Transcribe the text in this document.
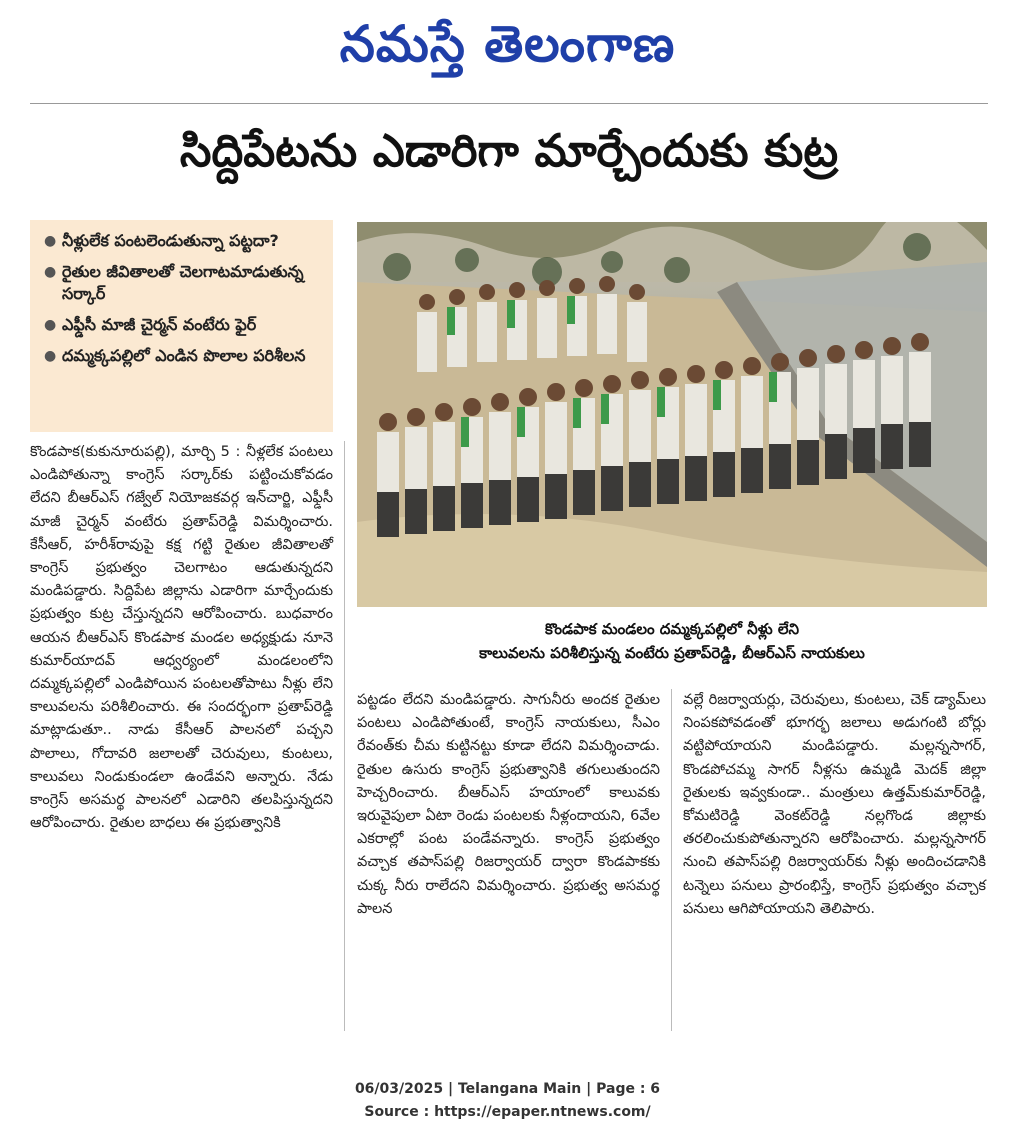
నమస్తే తెలంగాణ
సిద్దిపేటను ఎడారిగా మార్చేందుకు కుట్ర
● నీళ్లులేక పంటలెండుతున్నా పట్టదా?
● రైతుల జీవితాలతో చెలగాటమాడుతున్న సర్కార్
● ఎఫ్డీసీ మాజీ చైర్మన్ వంటేరు ఫైర్
● దమ్మక్కపల్లిలో ఎండిన పొలాల పరిశీలన
కొండపాక మండలం దమ్మక్కపల్లిలో నీళ్లు లేని
కాలువలను పరిశీలిస్తున్న వంటేరు ప్రతాప్‌రెడ్డి, బీఆర్ఎస్ నాయకులు
కొండపాక(కుకునూరుపల్లి), మార్చి 5 : నీళ్లలేక పంటలు ఎండిపోతున్నా కాంగ్రెస్ సర్కార్‌కు పట్టించుకోవడం లేదని బీఆర్ఎస్ గజ్వేల్ నియోజకవర్గ ఇన్‌చార్జి, ఎఫ్డీసీ మాజీ చైర్మన్ వంటేరు ప్రతాప్‌రెడ్డి విమర్శించారు. కేసీఆర్, హరీశ్‌రావుపై కక్ష గట్టి రైతుల జీవితాలతో కాంగ్రెస్ ప్రభుత్వం చెలగాటం ఆడుతున్నదని మండిపడ్డారు. సిద్దిపేట జిల్లాను ఎడారిగా మార్చేందుకు ప్రభుత్వం కుట్ర చేస్తున్నదని ఆరోపించారు. బుధవారం ఆయన బీఆర్ఎస్ కొండపాక మండల అధ్యక్షుడు నూనె కుమార్‌యాదవ్ ఆధ్వర్యంలో మండలంలోని దమ్మక్కపల్లిలో ఎండిపోయిన పంటలతోపాటు నీళ్లు లేని కాలువలను పరిశీలించారు. ఈ సందర్భంగా ప్రతాప్‌రెడ్డి మాట్లాడుతూ.. నాడు కేసీఆర్ పాలనలో పచ్చని పొలాలు, గోదావరి జలాలతో చెరువులు, కుంటలు, కాలువలు నిండుకుండలా ఉండేవని అన్నారు. నేడు కాంగ్రెస్ అసమర్థ పాలనలో ఎడారిని తలపిస్తున్నదని ఆరోపించారు. రైతుల బాధలు ఈ ప్రభుత్వానికి
పట్టడం లేదని మండిపడ్డారు. సాగునీరు అందక రైతుల పంటలు ఎండిపోతుంటే, కాంగ్రెస్ నాయకులు, సీఎం రేవంత్‌కు చీమ కుట్టినట్టు కూడా లేదని విమర్శించాడు. రైతుల ఉసురు కాంగ్రెస్ ప్రభుత్వానికి తగులుతుందని హెచ్చరించారు. బీఆర్ఎస్ హయాంలో కాలువకు ఇరువైపులా ఏటా రెండు పంటలకు నీళ్లందాయని, 6వేల ఎకరాల్లో పంట పండేవన్నారు. కాంగ్రెస్ ప్రభుత్వం వచ్చాక తపాస్‌పల్లి రిజర్వాయర్ ద్వారా కొండపాకకు చుక్క నీరు రాలేదని విమర్శించారు. ప్రభుత్వ అసమర్థ పాలన
వల్లే రిజర్వాయర్లు, చెరువులు, కుంటలు, చెక్ డ్యామ్‌లు నింపకపోవడంతో భూగర్భ జలాలు అడుగంటి బోర్లు వట్టిపోయాయని మండిపడ్డారు. మల్లన్నసాగర్, కొండపోచమ్మ సాగర్ నీళ్లను ఉమ్మడి మెదక్ జిల్లా రైతులకు ఇవ్వకుండా.. మంత్రులు ఉత్తమ్‌కుమార్‌రెడ్డి, కోమటిరెడ్డి వెంకట్‌రెడ్డి నల్లగొండ జిల్లాకు తరలించుకుపోతున్నారని ఆరోపించారు. మల్లన్నసాగర్ నుంచి తపాస్‌పల్లి రిజర్వాయర్‌కు నీళ్లు అందించడానికి టన్నెలు పనులు ప్రారంభిస్తే, కాంగ్రెస్ ప్రభుత్వం వచ్చాక పనులు ఆగిపోయాయని తెలిపారు.
06/03/2025 | Telangana Main | Page : 6
Source : https://epaper.ntnews.com/
